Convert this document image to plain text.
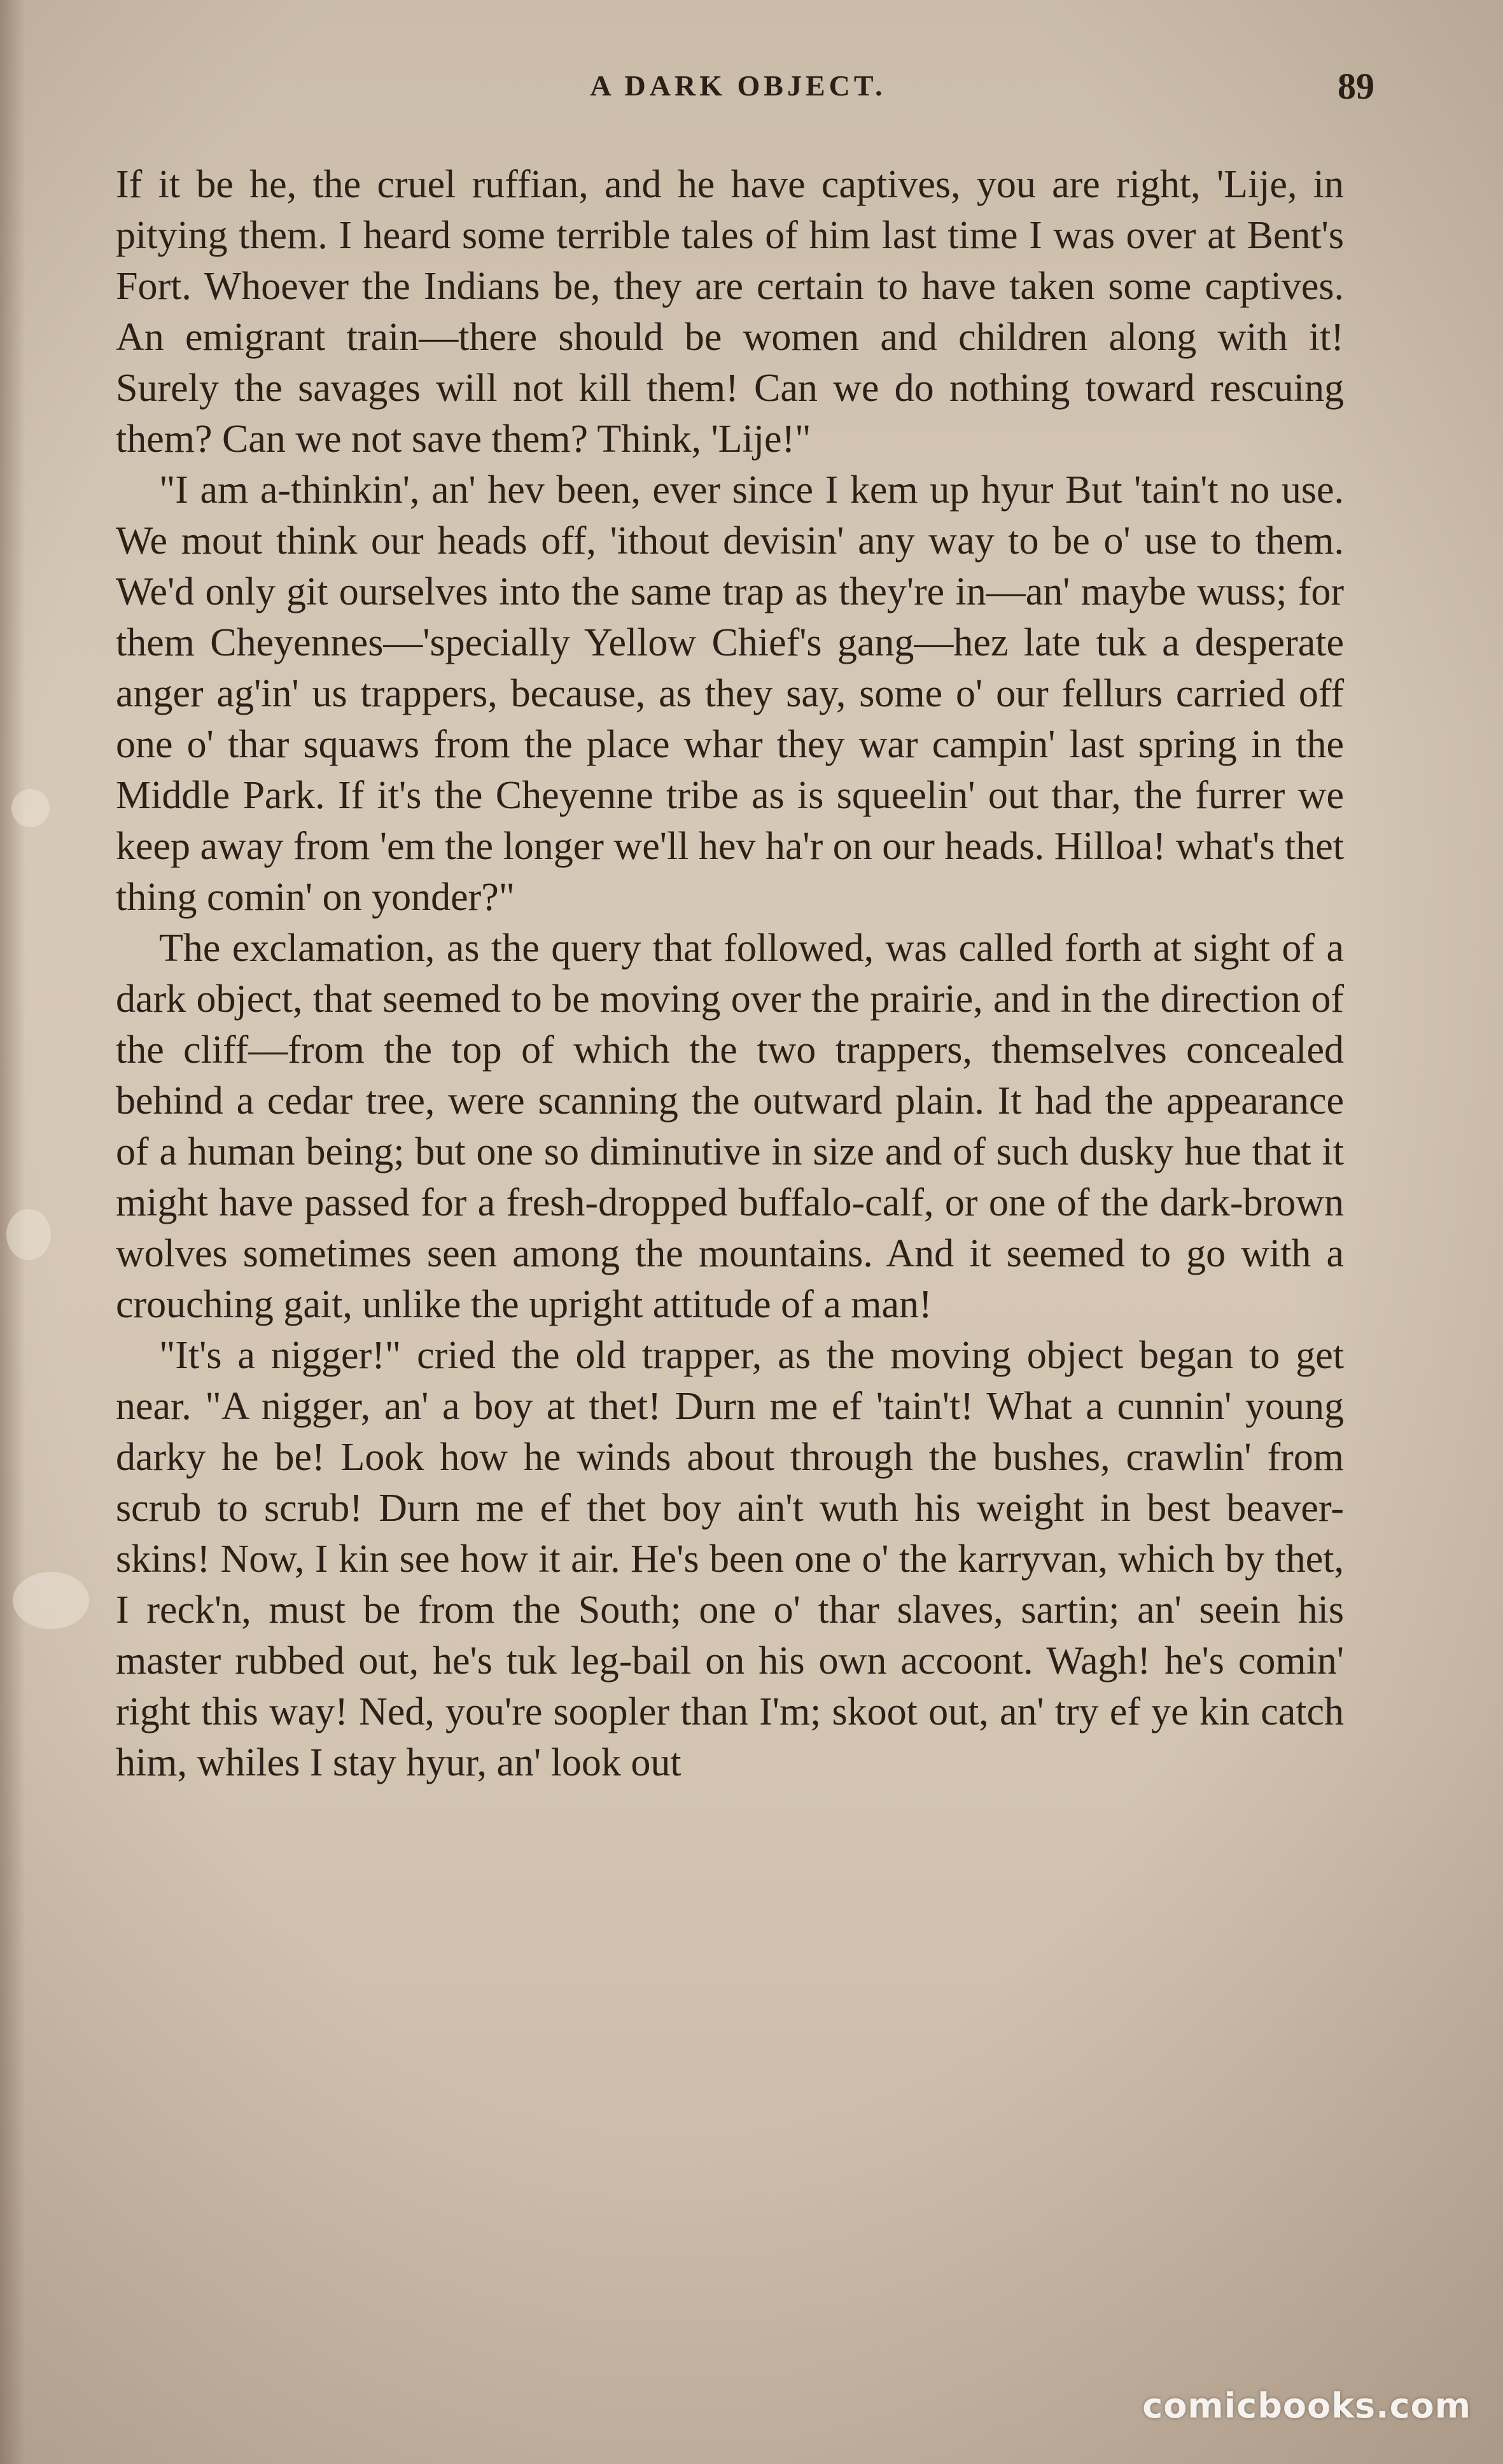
A DARK OBJECT.	89

If it be he, the cruel ruffian, and he have captives, you are right, 'Lije, in pitying them. I heard some terrible tales of him last time I was over at Bent's Fort. Whoever the Indians be, they are certain to have taken some captives. An emigrant train—there should be women and children along with it! Surely the savages will not kill them! Can we do nothing toward rescuing them? Can we not save them? Think, 'Lije!"

"I am a-thinkin', an' hev been, ever since I kem up hyur But 'tain't no use. We mout think our heads off, 'ithout devisin' any way to be o' use to them. We'd only git ourselves into the same trap as they're in—an' maybe wuss; for them Cheyennes—'specially Yellow Chief's gang—hez late tuk a desperate anger ag'in' us trappers, because, as they say, some o' our fellurs carried off one o' thar squaws from the place whar they war campin' last spring in the Middle Park. If it's the Cheyenne tribe as is squeelin' out thar, the furrer we keep away from 'em the longer we'll hev ha'r on our heads. Hilloa! what's thet thing comin' on yonder?"

The exclamation, as the query that followed, was called forth at sight of a dark object, that seemed to be moving over the prairie, and in the direction of the cliff—from the top of which the two trappers, themselves concealed behind a cedar tree, were scanning the outward plain. It had the appearance of a human being; but one so diminutive in size and of such dusky hue that it might have passed for a fresh-dropped buffalo-calf, or one of the dark-brown wolves sometimes seen among the mountains. And it seemed to go with a crouching gait, unlike the upright attitude of a man!

"It's a nigger!" cried the old trapper, as the moving object began to get near. "A nigger, an' a boy at thet! Durn me ef 'tain't! What a cunnin' young darky he be! Look how he winds about through the bushes, crawlin' from scrub to scrub! Durn me ef thet boy ain't wuth his weight in best beaver-skins! Now, I kin see how it air. He's been one o' the karryvan, which by thet, I reck'n, must be from the South; one o' thar slaves, sartin; an' seein his master rubbed out, he's tuk leg-bail on his own accoont. Wagh! he's comin' right this way! Ned, you're soopler than I'm; skoot out, an' try ef ye kin catch him, whiles I stay hyur, an' look out

comicbooks.com
